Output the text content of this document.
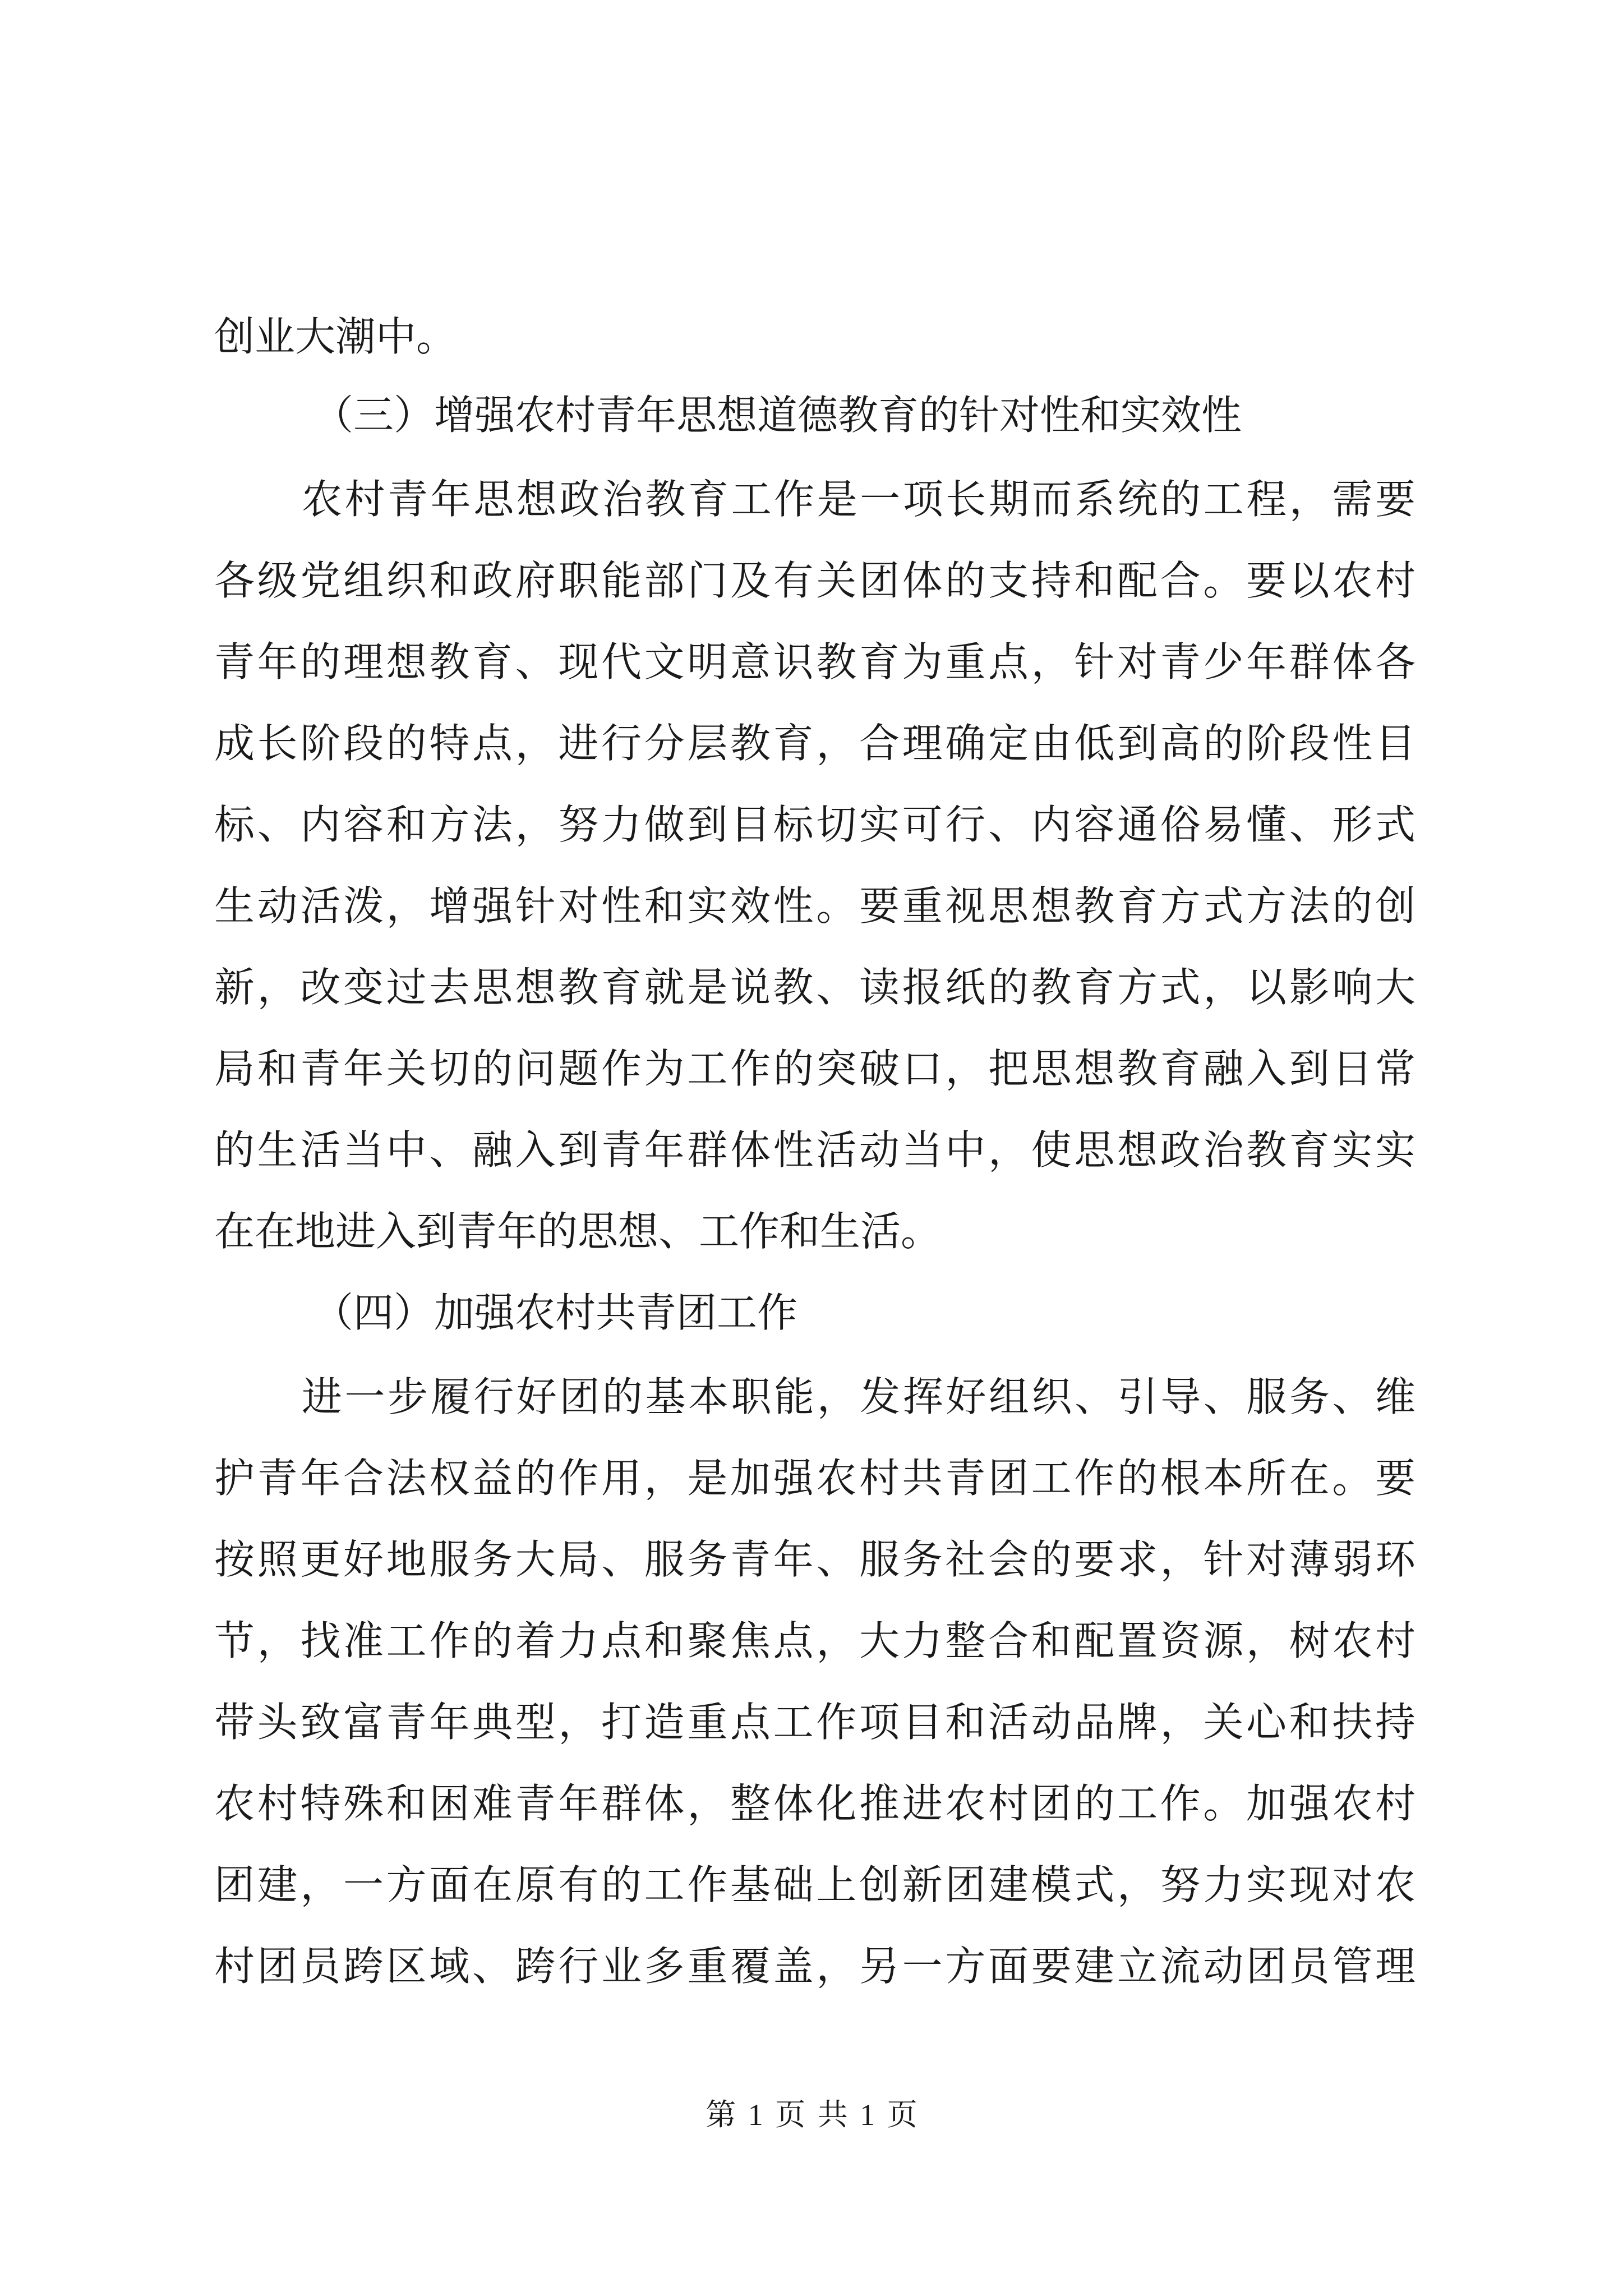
创业大潮中。
（三）增强农村青年思想道德教育的针对性和实效性
农村青年思想政治教育工作是一项长期而系统的工程，需要
各级党组织和政府职能部门及有关团体的支持和配合。要以农村
青年的理想教育、现代文明意识教育为重点，针对青少年群体各
成长阶段的特点，进行分层教育，合理确定由低到高的阶段性目
标、内容和方法，努力做到目标切实可行、内容通俗易懂、形式
生动活泼，增强针对性和实效性。要重视思想教育方式方法的创
新，改变过去思想教育就是说教、读报纸的教育方式，以影响大
局和青年关切的问题作为工作的突破口，把思想教育融入到日常
的生活当中、融入到青年群体性活动当中，使思想政治教育实实
在在地进入到青年的思想、工作和生活。
（四）加强农村共青团工作
进一步履行好团的基本职能，发挥好组织、引导、服务、维
护青年合法权益的作用，是加强农村共青团工作的根本所在。要
按照更好地服务大局、服务青年、服务社会的要求，针对薄弱环
节，找准工作的着力点和聚焦点，大力整合和配置资源，树农村
带头致富青年典型，打造重点工作项目和活动品牌，关心和扶持
农村特殊和困难青年群体，整体化推进农村团的工作。加强农村
团建，一方面在原有的工作基础上创新团建模式，努力实现对农
村团员跨区域、跨行业多重覆盖，另一方面要建立流动团员管理
第 1 页 共 1 页
